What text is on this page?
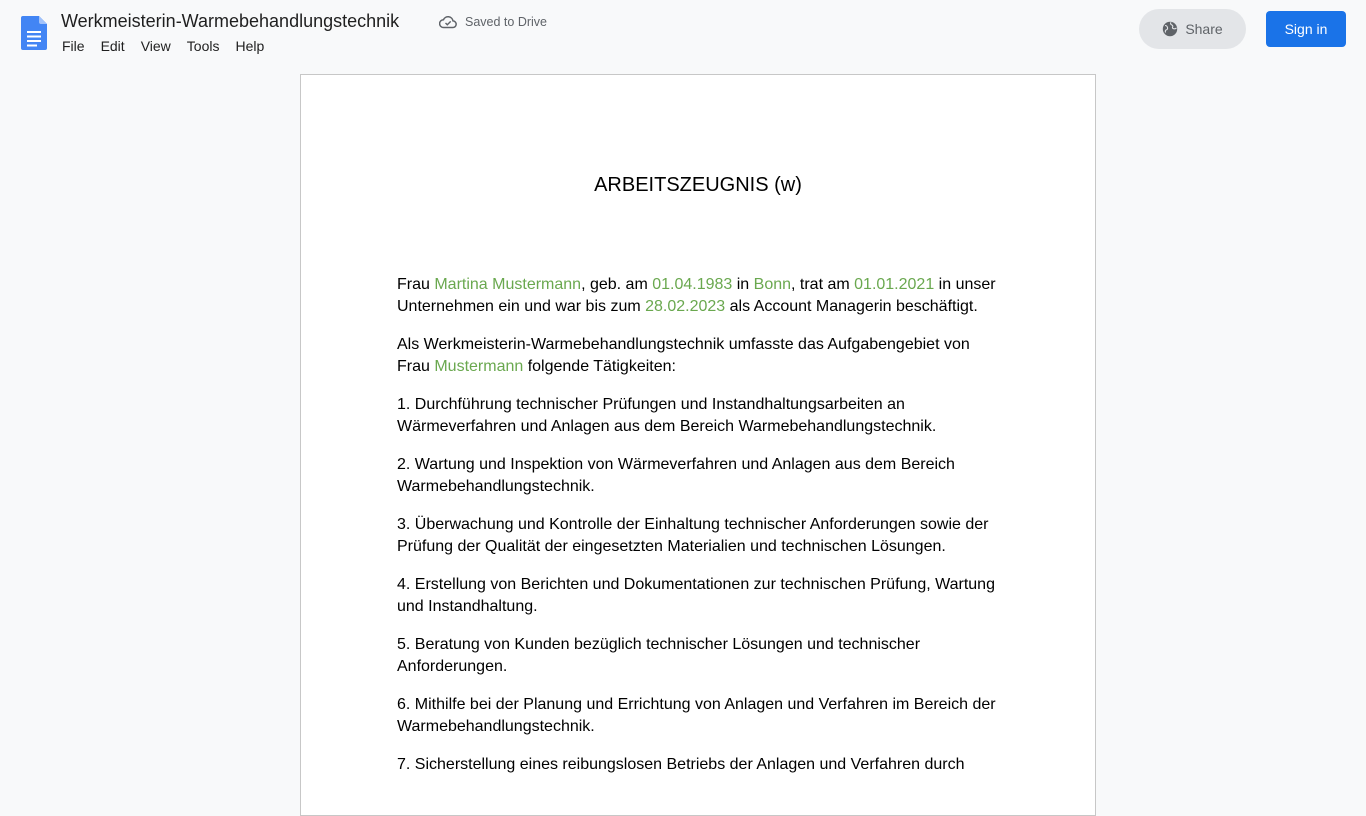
Werkmeisterin-Warmebehandlungstechnik	Saved to Drive
File	Edit	View	Tools	Help
Share	Sign in
ARBEITSZEUGNIS (w)

Frau Martina Mustermann, geb. am 01.04.1983 in Bonn, trat am 01.01.2021 in unser Unternehmen ein und war bis zum 28.02.2023 als Account Managerin beschäftigt.

Als Werkmeisterin-Warmebehandlungstechnik umfasste das Aufgabengebiet von Frau Mustermann folgende Tätigkeiten:

1. Durchführung technischer Prüfungen und Instandhaltungsarbeiten an Wärmeverfahren und Anlagen aus dem Bereich Warmebehandlungstechnik.

2. Wartung und Inspektion von Wärmeverfahren und Anlagen aus dem Bereich Warmebehandlungstechnik.

3. Überwachung und Kontrolle der Einhaltung technischer Anforderungen sowie der Prüfung der Qualität der eingesetzten Materialien und technischen Lösungen.

4. Erstellung von Berichten und Dokumentationen zur technischen Prüfung, Wartung und Instandhaltung.

5. Beratung von Kunden bezüglich technischer Lösungen und technischer Anforderungen.

6. Mithilfe bei der Planung und Errichtung von Anlagen und Verfahren im Bereich der Warmebehandlungstechnik.

7. Sicherstellung eines reibungslosen Betriebs der Anlagen und Verfahren durch
